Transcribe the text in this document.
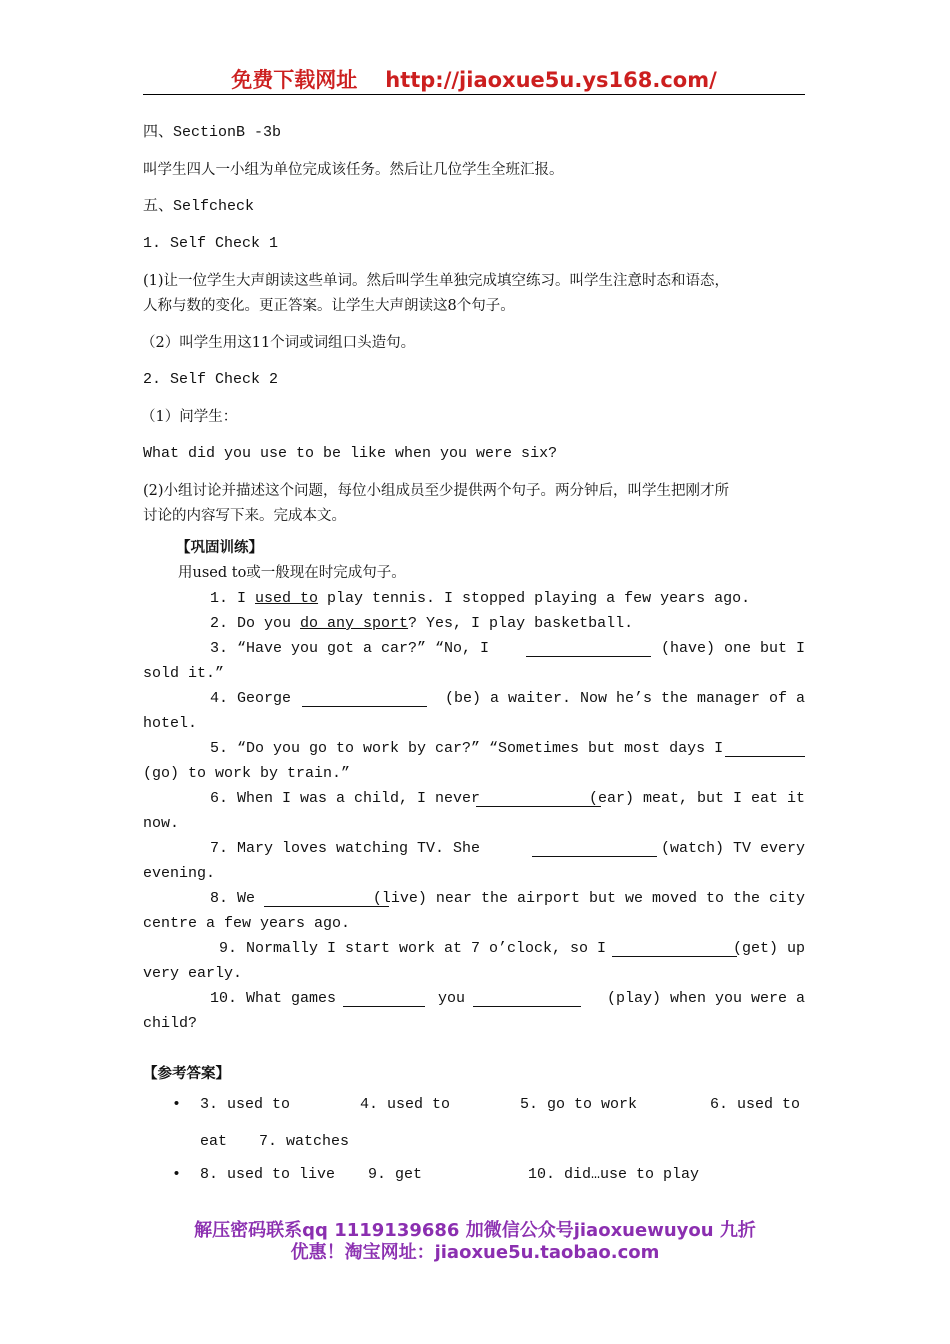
免费下载网址 http://jiaoxue5u.ys168.com/
四、SectionB -3b
叫学生四人一小组为单位完成该任务。然后让几位学生全班汇报。
五、Selfcheck
1. Self Check 1
(1)让一位学生大声朗读这些单词。然后叫学生单独完成填空练习。叫学生注意时态和语态，
人称与数的变化。更正答案。让学生大声朗读这8个句子。
（2）叫学生用这11个词或词组口头造句。
2. Self Check 2
（1）问学生：
What did you use to be like when you were six?
(2)小组讨论并描述这个问题，每位小组成员至少提供两个句子。两分钟后，叫学生把刚才所
讨论的内容写下来。完成本文。
【巩固训练】
用used to或一般现在时完成句子。
1. I used to play tennis. I stopped playing a few years ago.
2. Do you do any sport? Yes, I play basketball.
3. “Have you got a car?” “No, I	(have) one but I
sold it.”
4. George	(be) a waiter. Now he’s the manager of a
hotel.
5. “Do you go to work by car?” “Sometimes but most days I
(go) to work by train.”
6. When I was a child, I never	(ear) meat, but I eat it
now.
7. Mary loves watching TV. She	(watch) TV every
evening.
8. We	(live) near the airport but we moved to the city
centre a few years ago.
9. Normally I start work at 7 o’clock, so I	(get) up
very early.
10. What games	you	(play) when you were a
child?
【参考答案】
• 3. used to	4. used to	5. go to work	6. used to
eat 7. watches
• 8. used to live 9. get	10. did…use to play
解压密码联系qq 1119139686 加微信公众号jiaoxuewuyou 九折
优惠！淘宝网址：jiaoxue5u.taobao.com
